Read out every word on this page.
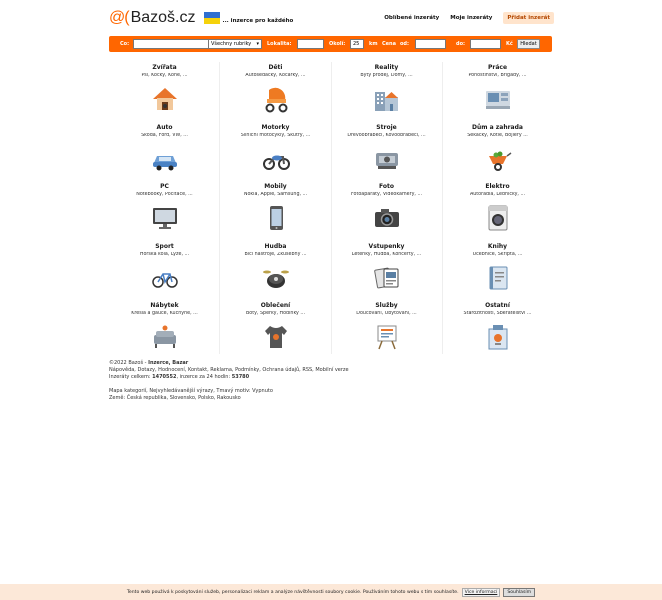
@( Bazoš.cz	... inzerce pro každého	Oblíbené inzeráty Moje inzeráty	Přidat inzerát
Co:	Všechny rubriky ▾ Lokalita:	Okolí:	25	km Cena od:	do:	Kč	Hledat
Zvířata
Psi, Kočky, Koně, ...
Děti
Autosedačky, Kočárky, ...
Reality
Byty prodej, Domy, ...
Práce
Pohostinství, Brigády, ...
Auto
Škoda, Ford, VW, ...
Motorky
Silniční motocykly, Skútry, ...
Stroje
Dřevoobráběcí, Kovoobráběcí, ...
Dům a zahrada
Sekačky, Kotle, Bojlery ...
PC
Notebooky, Počítače, ...
Mobily
Nokia, Apple, Samsung, ...
Foto
Fotoaparáty, Videokamery, ...
Elektro
Autorádia, Ledničky, ...
Sport
Horská kola, Lyže, ...
Hudba
Bicí nástroje, Zkušebny ...
Vstupenky
Letenky, Hudba, Koncerty, ...
Knihy
Učebnice, Skripta, ...
Nábytek
Křesla a gauče, Kuchyně, ...
Oblečení
Boty, Šperky, Hodinky ...
Služby
Doučování, Ubytování, ...
Ostatní
Starožitnosti, Sběratelství ...
©2022 Bazoš - Inzerce, Bazar
Nápověda, Dotazy, Hodnocení, Kontakt, Reklama, Podmínky, Ochrana údajů, RSS, Mobilní verze
Inzeráty celkem: 1470552, inzerce za 24 hodin: 53780
Mapa kategorií, Nejvyhledávanější výrazy, Tmavý motiv: Vypnuto
Země: Česká republika, Slovensko, Polsko, Rakousko
Tento web používá k poskytování služeb, personalizaci reklam a analýze návštěvnosti soubory cookie. Používáním tohoto webu s tím souhlasíte.	Více informací	Souhlasím
